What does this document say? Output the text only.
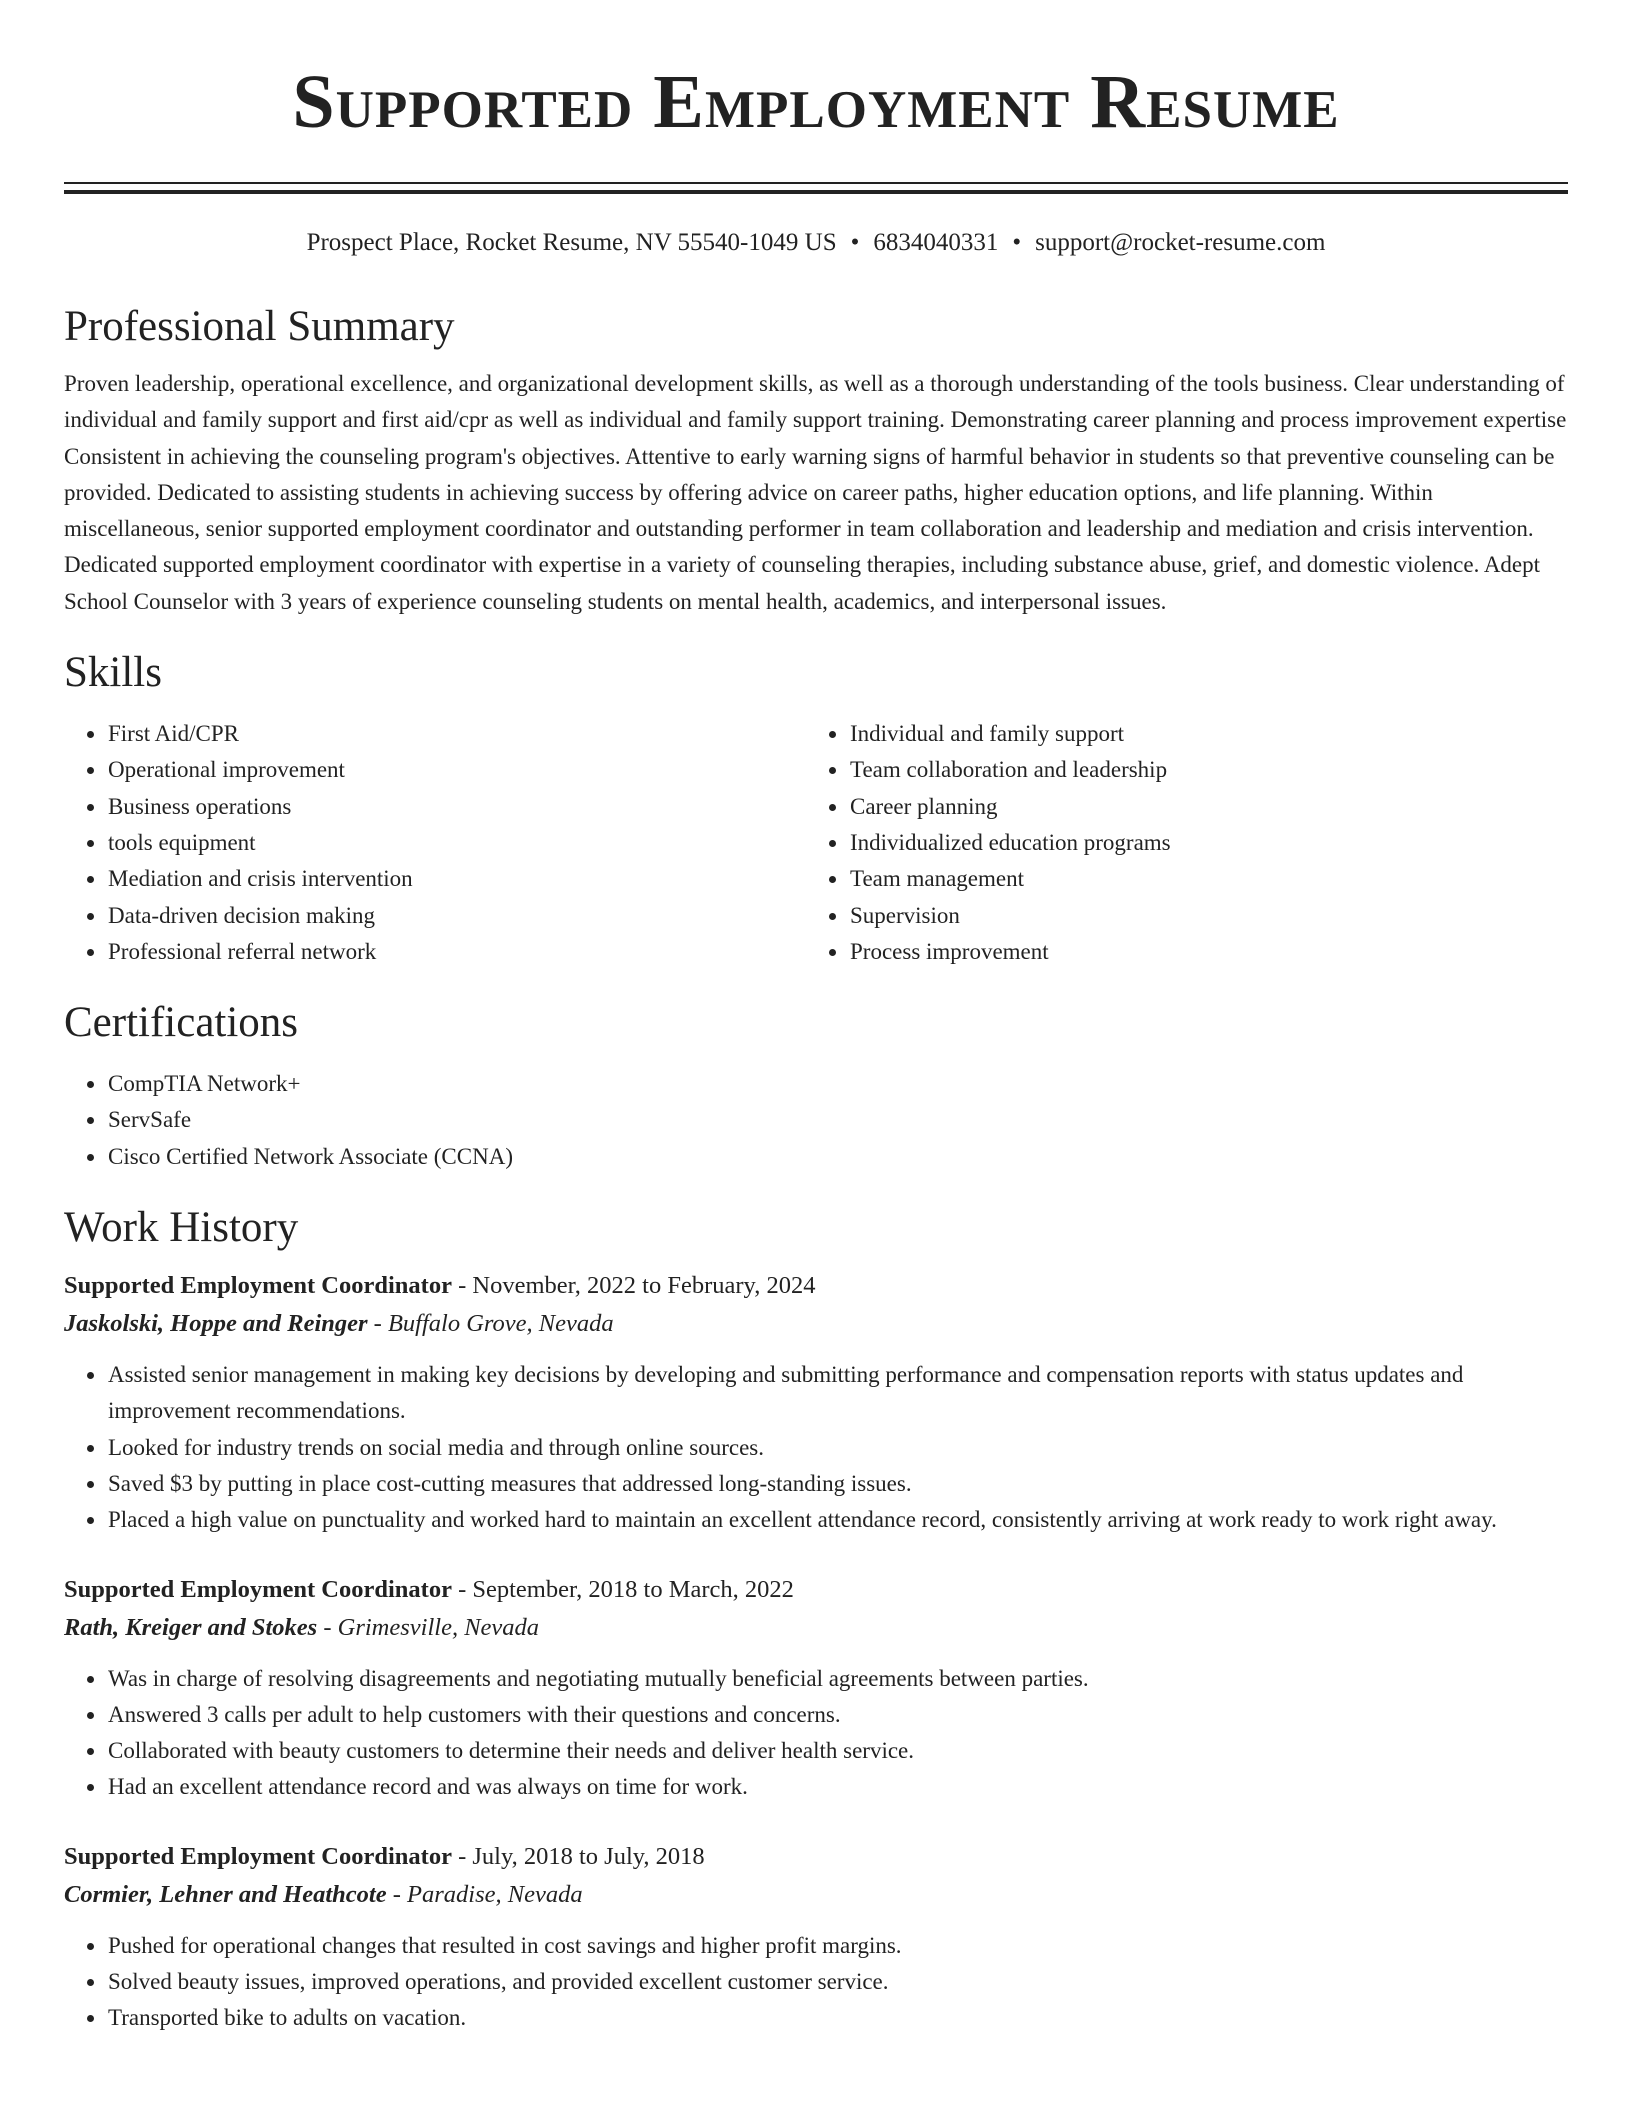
Supported Employment Resume
Prospect Place, Rocket Resume, NV 55540-1049 US • 6834040331 • support@rocket-resume.com
Professional Summary

Proven leadership, operational excellence, and organizational development skills, as well as a thorough understanding of the tools business. Clear understanding of individual and family support and first aid/cpr as well as individual and family support training. Demonstrating career planning and process improvement expertise Consistent in achieving the counseling program's objectives. Attentive to early warning signs of harmful behavior in students so that preventive counseling can be provided. Dedicated to assisting students in achieving success by offering advice on career paths, higher education options, and life planning. Within miscellaneous, senior supported employment coordinator and outstanding performer in team collaboration and leadership and mediation and crisis intervention. Dedicated supported employment coordinator with expertise in a variety of counseling therapies, including substance abuse, grief, and domestic violence. Adept School Counselor with 3 years of experience counseling students on mental health, academics, and interpersonal issues.

Skills
• First Aid/CPR
• Operational improvement
• Business operations
• tools equipment
• Mediation and crisis intervention
• Data-driven decision making
• Professional referral network
• Individual and family support
• Team collaboration and leadership
• Career planning
• Individualized education programs
• Team management
• Supervision
• Process improvement
Certifications
• CompTIA Network+
• ServSafe
• Cisco Certified Network Associate (CCNA)
Work History
Supported Employment Coordinator - November, 2022 to February, 2024
Jaskolski, Hoppe and Reinger - Buffalo Grove, Nevada
• Assisted senior management in making key decisions by developing and submitting performance and compensation reports with status updates and improvement recommendations.
• Looked for industry trends on social media and through online sources.
• Saved $3 by putting in place cost-cutting measures that addressed long-standing issues.
• Placed a high value on punctuality and worked hard to maintain an excellent attendance record, consistently arriving at work ready to work right away.
Supported Employment Coordinator - September, 2018 to March, 2022
Rath, Kreiger and Stokes - Grimesville, Nevada
• Was in charge of resolving disagreements and negotiating mutually beneficial agreements between parties.
• Answered 3 calls per adult to help customers with their questions and concerns.
• Collaborated with beauty customers to determine their needs and deliver health service.
• Had an excellent attendance record and was always on time for work.
Supported Employment Coordinator - July, 2018 to July, 2018
Cormier, Lehner and Heathcote - Paradise, Nevada
• Pushed for operational changes that resulted in cost savings and higher profit margins.
• Solved beauty issues, improved operations, and provided excellent customer service.
• Transported bike to adults on vacation.
